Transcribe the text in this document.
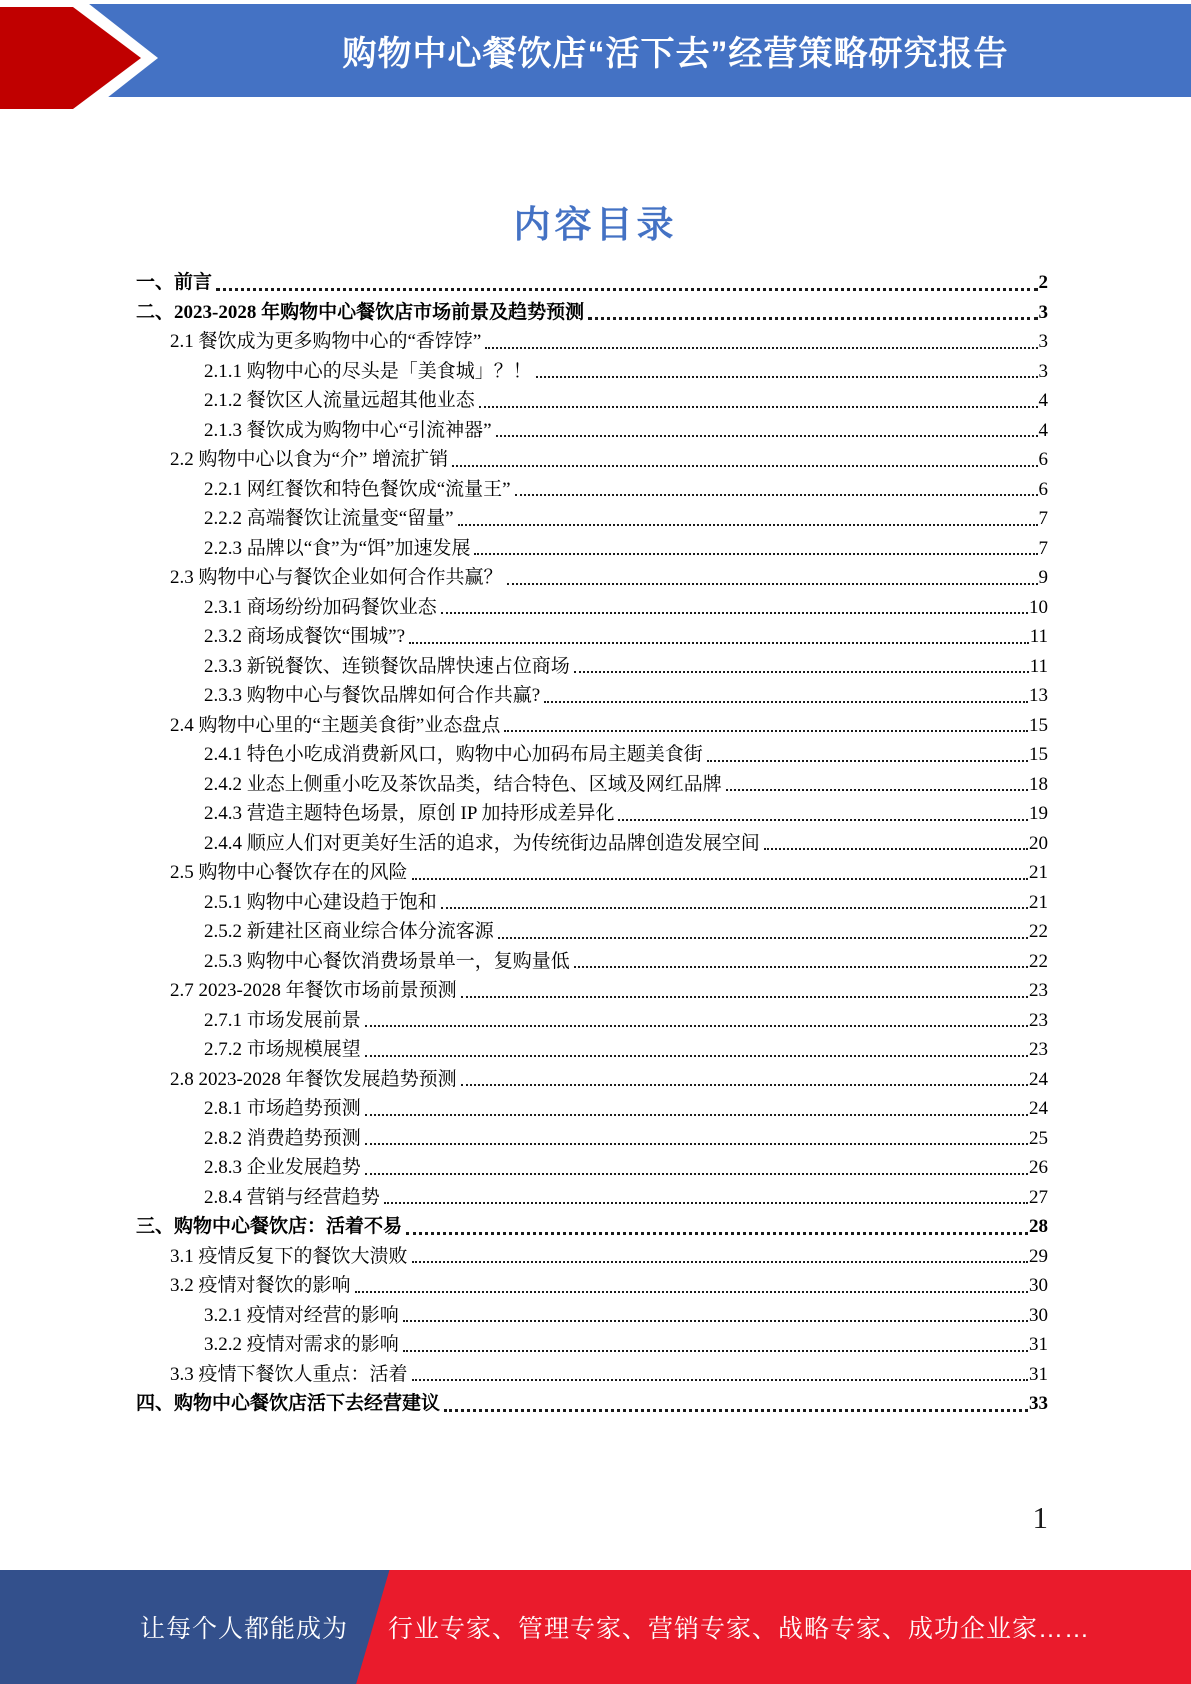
购物中心餐饮店“活下去”经营策略研究报告
内容目录
一、前言	2
二、2023-2028 年购物中心餐饮店市场前景及趋势预测	3
2.1 餐饮成为更多购物中心的“香饽饽”	3
2.1.1 购物中心的尽头是「美食城」？！	3
2.1.2 餐饮区人流量远超其他业态	4
2.1.3 餐饮成为购物中心“引流神器”	4
2.2 购物中心以食为“介” 增流扩销	6
2.2.1 网红餐饮和特色餐饮成“流量王”	6
2.2.2 高端餐饮让流量变“留量”	7
2.2.3 品牌以“食”为“饵”加速发展	7
2.3 购物中心与餐饮企业如何合作共赢？	9
2.3.1 商场纷纷加码餐饮业态	10
2.3.2 商场成餐饮“围城”?	11
2.3.3 新锐餐饮、连锁餐饮品牌快速占位商场	11
2.3.3 购物中心与餐饮品牌如何合作共赢?	13
2.4 购物中心里的“主题美食街”业态盘点	15
2.4.1 特色小吃成消费新风口，购物中心加码布局主题美食街	15
2.4.2 业态上侧重小吃及茶饮品类，结合特色、区域及网红品牌	18
2.4.3 营造主题特色场景，原创 IP 加持形成差异化	19
2.4.4 顺应人们对更美好生活的追求，为传统街边品牌创造发展空间	20
2.5 购物中心餐饮存在的风险	21
2.5.1 购物中心建设趋于饱和	21
2.5.2 新建社区商业综合体分流客源	22
2.5.3 购物中心餐饮消费场景单一，复购量低	22
2.7 2023-2028 年餐饮市场前景预测	23
2.7.1 市场发展前景	23
2.7.2 市场规模展望	23
2.8 2023-2028 年餐饮发展趋势预测	24
2.8.1 市场趋势预测	24
2.8.2 消费趋势预测	25
2.8.3 企业发展趋势	26
2.8.4 营销与经营趋势	27
三、购物中心餐饮店：活着不易	28
3.1 疫情反复下的餐饮大溃败	29
3.2 疫情对餐饮的影响	30
3.2.1 疫情对经营的影响	30
3.2.2 疫情对需求的影响	31
3.3 疫情下餐饮人重点：活着	31
四、购物中心餐饮店活下去经营建议	33
1
让每个人都能成为 行业专家、管理专家、营销专家、战略专家、成功企业家……
